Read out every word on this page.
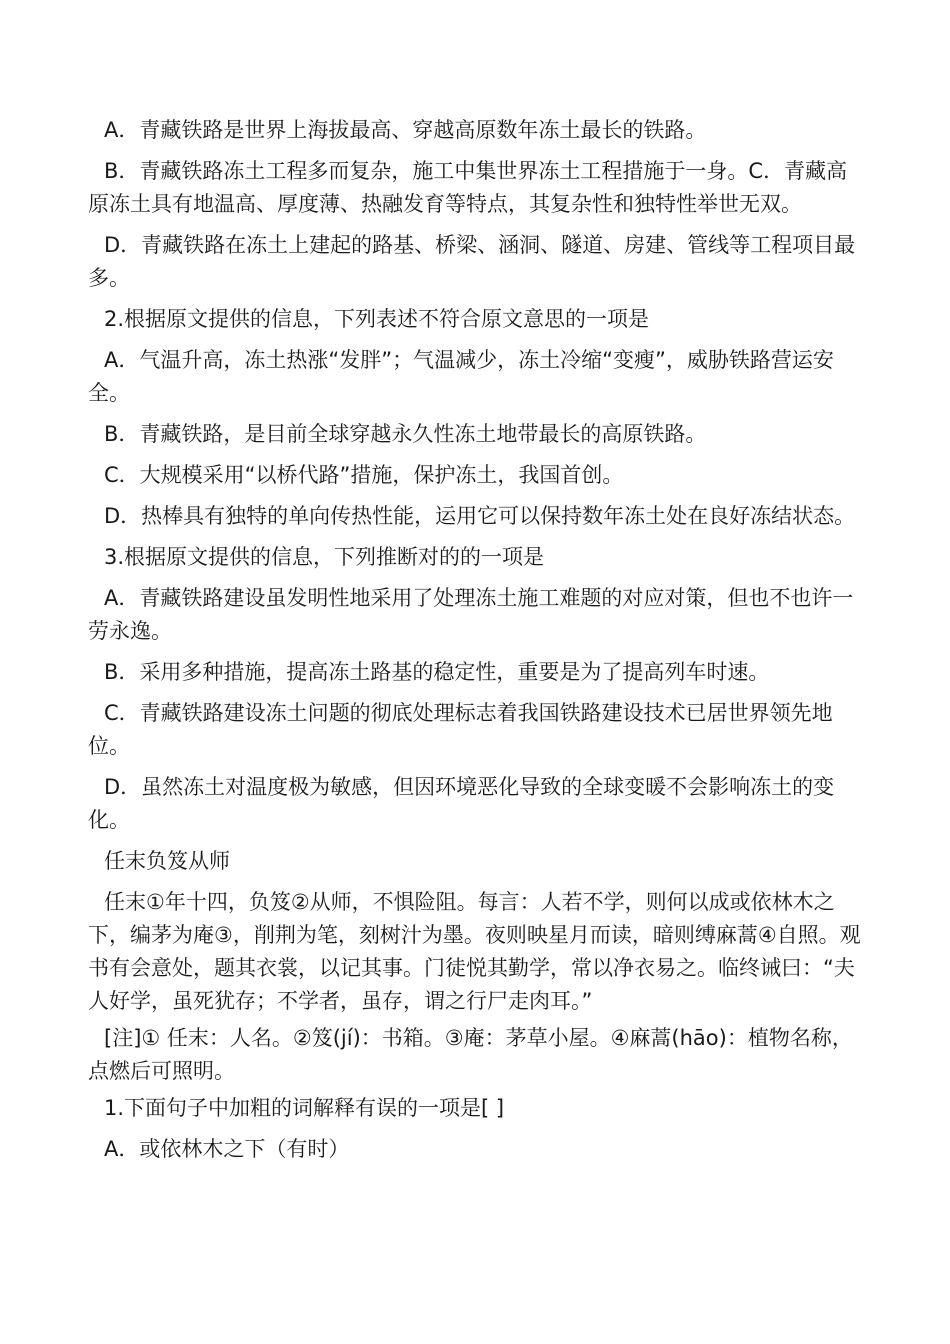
A．青藏铁路是世界上海拔最高、穿越高原数年冻土最长的铁路。

B．青藏铁路冻土工程多而复杂，施工中集世界冻土工程措施于一身。C．青藏高原冻土具有地温高、厚度薄、热融发育等特点，其复杂性和独特性举世无双。

D．青藏铁路在冻土上建起的路基、桥梁、涵洞、隧道、房建、管线等工程项目最多。

2.根据原文提供的信息，下列表述不符合原文意思的一项是

A．气温升高，冻土热涨“发胖”；气温减少，冻土冷缩“变瘦”，威胁铁路营运安全。

B．青藏铁路，是目前全球穿越永久性冻土地带最长的高原铁路。

C．大规模采用“以桥代路”措施，保护冻土，我国首创。

D．热棒具有独特的单向传热性能，运用它可以保持数年冻土处在良好冻结状态。

3.根据原文提供的信息，下列推断对的的一项是

A．青藏铁路建设虽发明性地采用了处理冻土施工难题的对应对策，但也不也许一劳永逸。

B．采用多种措施，提高冻土路基的稳定性，重要是为了提高列车时速。

C．青藏铁路建设冻土问题的彻底处理标志着我国铁路建设技术已居世界领先地位。

D．虽然冻土对温度极为敏感，但因环境恶化导致的全球变暖不会影响冻土的变化。

任末负笈从师

任末①年十四，负笈②从师，不惧险阻。每言：人若不学，则何以成或依林木之下，编茅为庵③，削荆为笔，刻树汁为墨。夜则映星月而读，暗则缚麻蒿④自照。观书有会意处，题其衣裳，以记其事。门徒悦其勤学，常以净衣易之。临终诫曰：“夫人好学，虽死犹存；不学者，虽存，谓之行尸走肉耳。”

[注]① 任末：人名。②笈(jí)：书箱。③庵：茅草小屋。④麻蒿(hāo)：植物名称，点燃后可照明。

1.下面句子中加粗的词解释有误的一项是[ ]

A．或依林木之下（有时）
